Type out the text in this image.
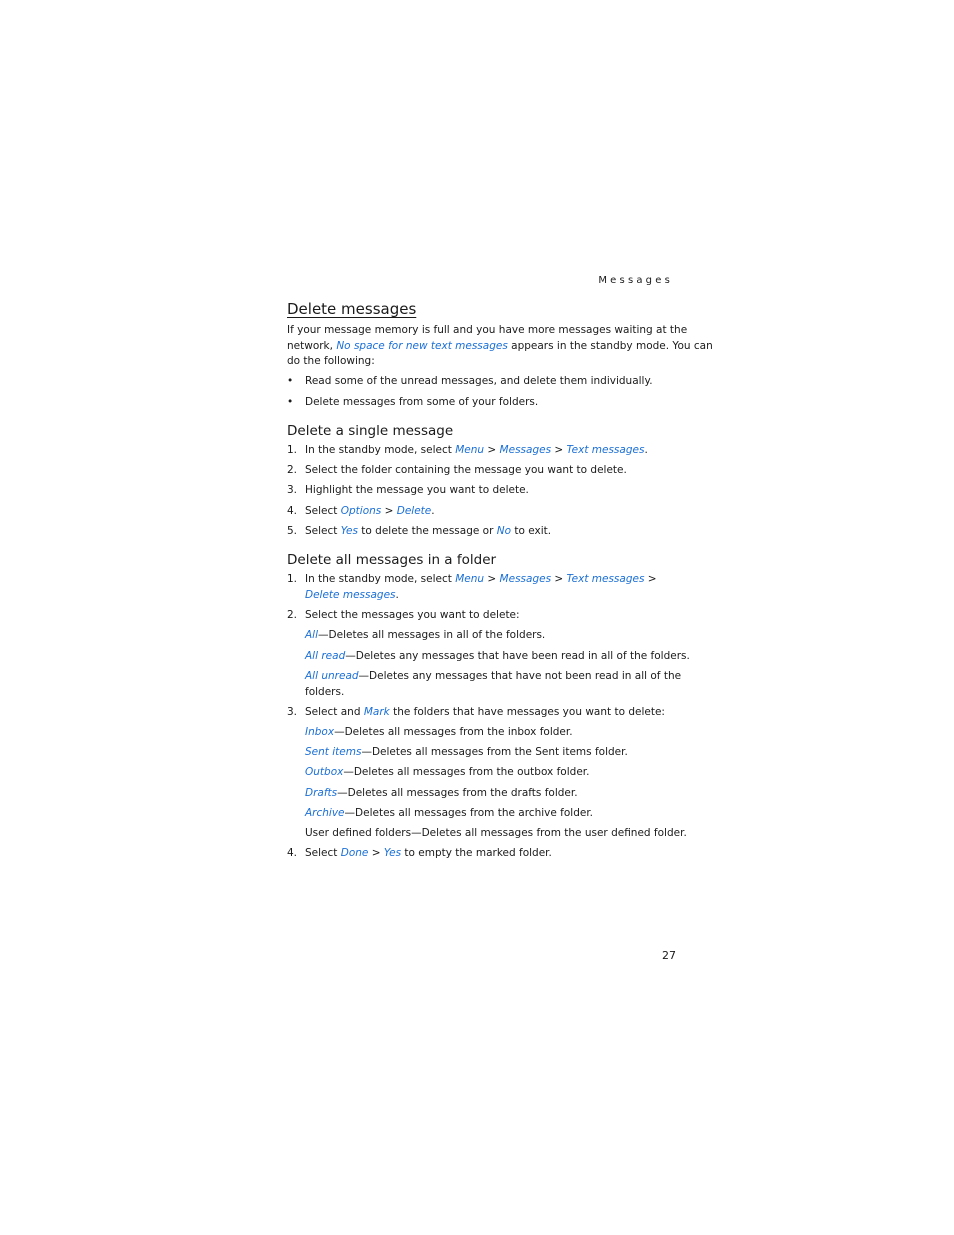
Messages
Delete messages
If your message memory is full and you have more messages waiting at the
network, No space for new text messages appears in the standby mode. You can
do the following:
• Read some of the unread messages, and delete them individually.
• Delete messages from some of your folders.
Delete a single message
1. In the standby mode, select Menu > Messages > Text messages.
2. Select the folder containing the message you want to delete.
3. Highlight the message you want to delete.
4. Select Options > Delete.
5. Select Yes to delete the message or No to exit.
Delete all messages in a folder
1. In the standby mode, select Menu > Messages > Text messages >
Delete messages.
2. Select the messages you want to delete:
All—Deletes all messages in all of the folders.
All read—Deletes any messages that have been read in all of the folders.
All unread—Deletes any messages that have not been read in all of the
folders.
3. Select and Mark the folders that have messages you want to delete:
Inbox—Deletes all messages from the inbox folder.
Sent items—Deletes all messages from the Sent items folder.
Outbox—Deletes all messages from the outbox folder.
Drafts—Deletes all messages from the drafts folder.
Archive—Deletes all messages from the archive folder.
User defined folders—Deletes all messages from the user defined folder.
4. Select Done > Yes to empty the marked folder.
27
